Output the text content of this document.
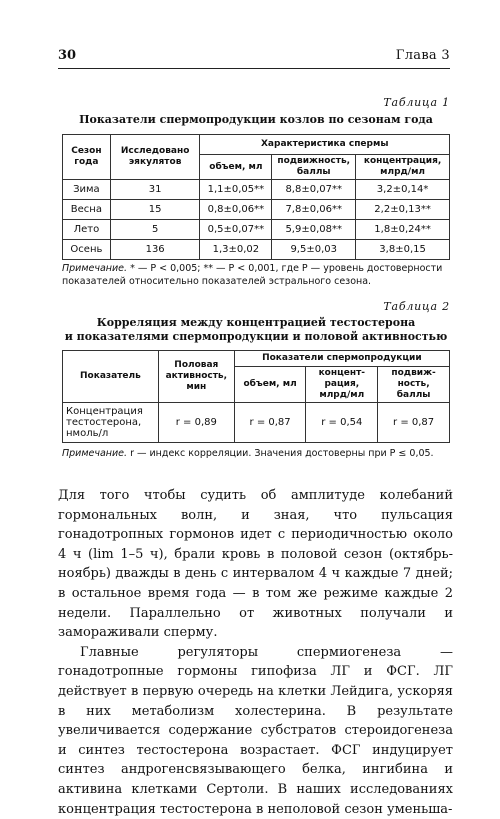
30	Глава 3
Таблица 1
Показатели спермопродукции козлов по сезонам года
Сезон года	Исследовано эякулятов	Характеристика спермы		
		объем, мл	подвижность, баллы	концентрация, млрд/мл
Зима	31	1,1±0,05**	8,8±0,07**	3,2±0,14*
Весна	15	0,8±0,06**	7,8±0,06**	2,2±0,13**
Лето	5	0,5±0,07**	5,9±0,08**	1,8±0,24**
Осень	136	1,3±0,02	9,5±0,03	3,8±0,15
Примечание. * — P < 0,005; ** — P < 0,001, где P — уровень достоверности показателей относительно показателей эстрального сезона.
Таблица 2
Корреляция между концентрацией тестостерона
и показателями спермопродукции и половой активностью
Показатель	Половая активность, мин	Показатели спермопродукции		
		объем, мл	концент-рация, млрд/мл	подвиж-ность, баллы
Концентрация тестостерона, нмоль/л	r = 0,89	r = 0,87	r = 0,54	r = 0,87
Примечание. r — индекс корреляции. Значения достоверны при P ≤ 0,05.

Для того чтобы судить об амплитуде колебаний гормональных волн, и зная, что пульсация гонадотропных гормонов идет с периодичностью около 4 ч (lim 1–5 ч), брали кровь в половой сезон (октябрь-ноябрь) дважды в день с интервалом 4 ч каждые 7 дней; в остальное время года — в том же режиме каждые 2 недели. Параллельно от животных получали и замораживали сперму.

Главные регуляторы спермиогенеза — гонадотропные гормоны гипофиза ЛГ и ФСГ. ЛГ действует в первую очередь на клетки Лейдига, ускоряя в них метаболизм холестерина. В результате увеличивается содержание субстратов стероидогенеза и синтез тестостерона возрастает. ФСГ индуцирует синтез андрогенсвязывающего белка, ингибина и активина клетками Сертоли. В наших исследованиях концентрация тестостерона в неполовой сезон уменьша-
